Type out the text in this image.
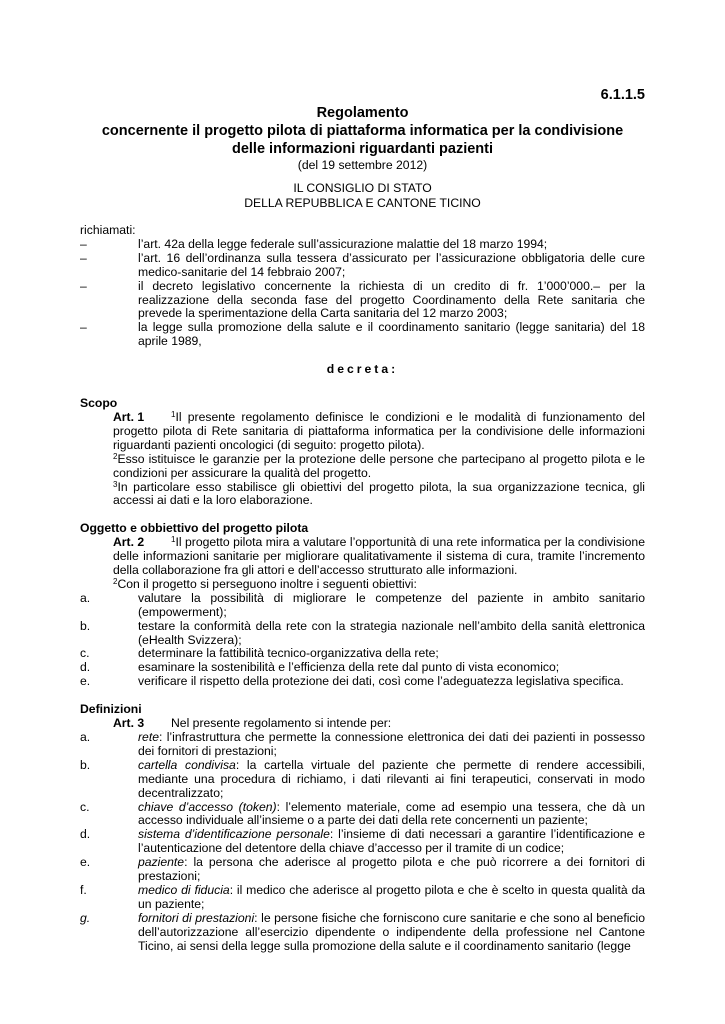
6.1.1.5
Regolamento
concernente il progetto pilota di piattaforma informatica per la condivisione
delle informazioni riguardanti pazienti
(del 19 settembre 2012)
IL CONSIGLIO DI STATO
DELLA REPUBBLICA E CANTONE TICINO
richiamati:
–	l’art. 42a della legge federale sull’assicurazione malattie del 18 marzo 1994;
–	l’art. 16 dell’ordinanza sulla tessera d’assicurato per l’assicurazione obbligatoria delle cure medico-sanitarie del 14 febbraio 2007;
–	il decreto legislativo concernente la richiesta di un credito di fr. 1’000’000.– per la realizzazione della seconda fase del progetto Coordinamento della Rete sanitaria che prevede la sperimentazione della Carta sanitaria del 12 marzo 2003;
–	la legge sulla promozione della salute e il coordinamento sanitario (legge sanitaria) del 18 aprile 1989,
decreta:
Scopo
Art. 1	$^1$Il presente regolamento definisce le condizioni e le modalità di funzionamento del progetto pilota di Rete sanitaria di piattaforma informatica per la condivisione delle informazioni riguardanti pazienti oncologici (di seguito: progetto pilota).
$^2$Esso istituisce le garanzie per la protezione delle persone che partecipano al progetto pilota e le condizioni per assicurare la qualità del progetto.
$^3$In particolare esso stabilisce gli obiettivi del progetto pilota, la sua organizzazione tecnica, gli accessi ai dati e la loro elaborazione.
Oggetto e obbiettivo del progetto pilota
Art. 2	$^1$Il progetto pilota mira a valutare l’opportunità di una rete informatica per la condivisione delle informazioni sanitarie per migliorare qualitativamente il sistema di cura, tramite l’incremento della collaborazione fra gli attori e dell’accesso strutturato alle informazioni.
$^2$Con il progetto si perseguono inoltre i seguenti obiettivi:
a.	valutare la possibilità di migliorare le competenze del paziente in ambito sanitario (empowerment);
b.	testare la conformità della rete con la strategia nazionale nell’ambito della sanità elettronica (eHealth Svizzera);
c.	determinare la fattibilità tecnico-organizzativa della rete;
d.	esaminare la sostenibilità e l’efficienza della rete dal punto di vista economico;
e.	verificare il rispetto della protezione dei dati, così come l’adeguatezza legislativa specifica.
Definizioni
Art. 3 Nel presente regolamento si intende per:
a.	rete: l’infrastruttura che permette la connessione elettronica dei dati dei pazienti in possesso dei fornitori di prestazioni;
b.	cartella condivisa: la cartella virtuale del paziente che permette di rendere accessibili, mediante una procedura di richiamo, i dati rilevanti ai fini terapeutici, conservati in modo decentralizzato;
c.	chiave d’accesso (token): l’elemento materiale, come ad esempio una tessera, che dà un accesso individuale all’insieme o a parte dei dati della rete concernenti un paziente;
d.	sistema d’identificazione personale: l’insieme di dati necessari a garantire l’identificazione e l’autenticazione del detentore della chiave d’accesso per il tramite di un codice;
e.	paziente: la persona che aderisce al progetto pilota e che può ricorrere a dei fornitori di prestazioni;
f.	medico di fiducia: il medico che aderisce al progetto pilota e che è scelto in questa qualità da un paziente;
g.	fornitori di prestazioni: le persone fisiche che forniscono cure sanitarie e che sono al beneficio dell’autorizzazione all’esercizio dipendente o indipendente della professione nel Cantone Ticino, ai sensi della legge sulla promozione della salute e il coordinamento sanitario (legge
